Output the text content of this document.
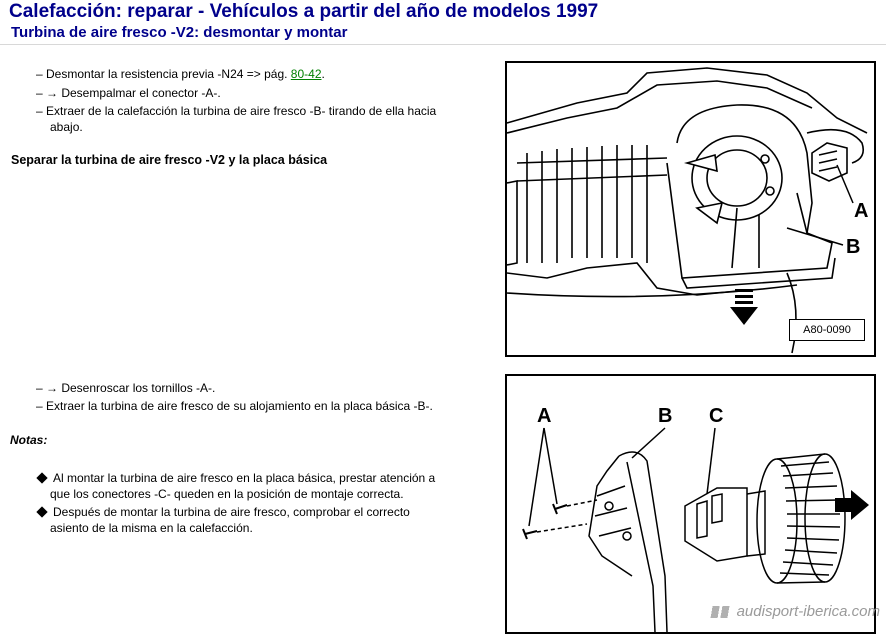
Calefacción: reparar - Vehículos a partir del año de modelos 1997
Turbina de aire fresco -V2: desmontar y montar
– Desmontar la resistencia previa -N24 => pág. 80-42.
– → Desempalmar el conector -A-.
– Extraer de la calefacción la turbina de aire fresco -B- tirando de ella hacia
abajo.
Separar la turbina de aire fresco -V2 y la placa básica
– → Desenroscar los tornillos -A-.
– Extraer la turbina de aire fresco de su alojamiento en la placa básica -B-.
Notas:
Al montar la turbina de aire fresco en la placa básica, prestar atención a
que los conectores -C- queden en la posición de montaje correcta.
Después de montar la turbina de aire fresco, comprobar el correcto
asiento de la misma en la calefacción.
A
B
A80-0090
A	B C
audisport-iberica.com
